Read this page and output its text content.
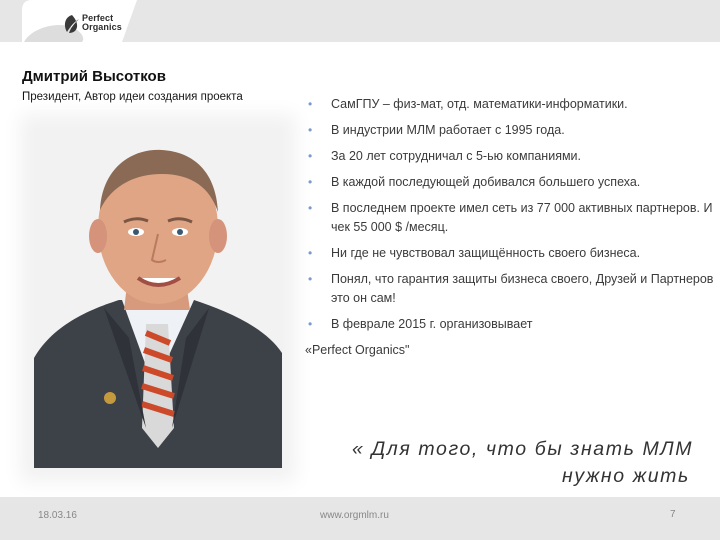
Perfect
Organics
Дмитрий Высотков
Президент, Автор идеи создания проекта
•	СамГПУ – физ-мат, отд. математики-информатики.
• В индустрии МЛМ работает с 1995 года.
• За 20 лет сотрудничал с 5-ью компаниями.
• В каждой последующей добивался большего успеха.
• В последнем проекте имел сеть из 77 000 активных партнеров. И чек 55 000 $ /месяц.
• Ни где не чувствовал защищённость своего бизнеса.
• Понял, что гарантия защиты бизнеса своего, Друзей и Партнеров это он сам!
• В феврале 2015 г. организовывает
«Perfect Organics"
« Для того, что бы знать МЛМ
нужно жить
18.03.16	www.orgmlm.ru	7
